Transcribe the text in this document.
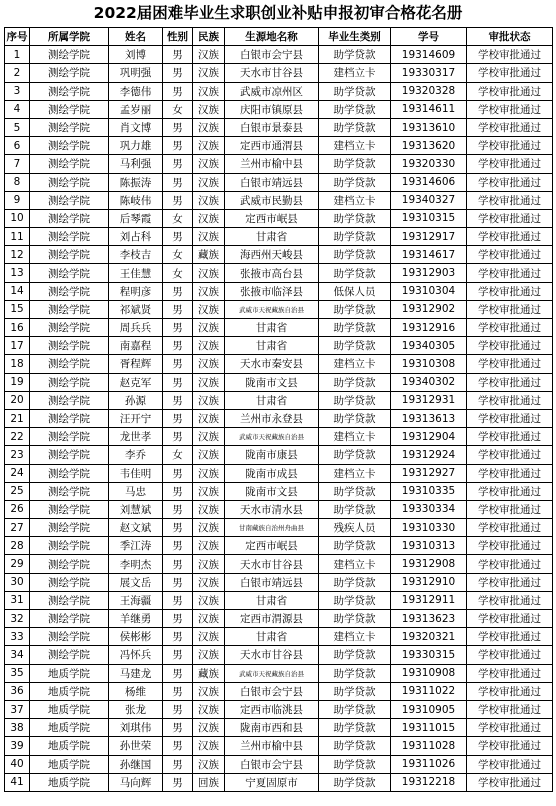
2022届困难毕业生求职创业补贴申报初审合格花名册
序号	所属学院	姓名	性别	民族	生源地名称	毕业生类别	学号	审批状态
1	测绘学院	刘博	男	汉族	白银市会宁县	助学贷款	19314609	学校审批通过
2	测绘学院	巩明强	男	汉族	天水市甘谷县	建档立卡	19330317	学校审批通过
3	测绘学院	李德伟	男	汉族	武威市凉州区	助学贷款	19320328	学校审批通过
4	测绘学院	孟岁丽	女	汉族	庆阳市镇原县	助学贷款	19314611	学校审批通过
5	测绘学院	肖文博	男	汉族	白银市景泰县	助学贷款	19313610	学校审批通过
6	测绘学院	巩力雄	男	汉族	定西市通渭县	建档立卡	19313620	学校审批通过
7	测绘学院	马利强	男	汉族	兰州市榆中县	助学贷款	19320330	学校审批通过
8	测绘学院	陈振涛	男	汉族	白银市靖远县	助学贷款	19314606	学校审批通过
9	测绘学院	陈岐伟	男	汉族	武威市民勤县	建档立卡	19340327	学校审批通过
10	测绘学院	后琴霞	女	汉族	定西市岷县	助学贷款	19310315	学校审批通过
11	测绘学院	刘占科	男	汉族	甘肃省	助学贷款	19312917	学校审批通过
12	测绘学院	李枝吉	女	藏族	海西州天峻县	助学贷款	19314617	学校审批通过
13	测绘学院	王佳慧	女	汉族	张掖市高台县	助学贷款	19312903	学校审批通过
14	测绘学院	程明彦	男	汉族	张掖市临泽县	低保人员	19310304	学校审批通过
15	测绘学院	祁斌贤	男	汉族	武威市天祝藏族自治县	助学贷款	19312902	学校审批通过
16	测绘学院	周兵兵	男	汉族	甘肃省	助学贷款	19312916	学校审批通过
17	测绘学院	南嘉程	男	汉族	甘肃省	助学贷款	19340305	学校审批通过
18	测绘学院	胥程辉	男	汉族	天水市秦安县	建档立卡	19310308	学校审批通过
19	测绘学院	赵克军	男	汉族	陇南市文县	助学贷款	19340302	学校审批通过
20	测绘学院	孙源	男	汉族	甘肃省	助学贷款	19312931	学校审批通过
21	测绘学院	汪开宁	男	汉族	兰州市永登县	助学贷款	19313613	学校审批通过
22	测绘学院	龙世孝	男	汉族	武威市天祝藏族自治县	建档立卡	19312904	学校审批通过
23	测绘学院	李乔	女	汉族	陇南市康县	助学贷款	19312924	学校审批通过
24	测绘学院	韦佳明	男	汉族	陇南市成县	建档立卡	19312927	学校审批通过
25	测绘学院	马忠	男	汉族	陇南市文县	助学贷款	19310335	学校审批通过
26	测绘学院	刘慧斌	男	汉族	天水市清水县	助学贷款	19330334	学校审批通过
27	测绘学院	赵文斌	男	汉族	甘南藏族自治州舟曲县	残疾人员	19310330	学校审批通过
28	测绘学院	季江涛	男	汉族	定西市岷县	助学贷款	19310313	学校审批通过
29	测绘学院	李明杰	男	汉族	天水市甘谷县	建档立卡	19312908	学校审批通过
30	测绘学院	展文岳	男	汉族	白银市靖远县	助学贷款	19312910	学校审批通过
31	测绘学院	王海疆	男	汉族	甘肃省	助学贷款	19312911	学校审批通过
32	测绘学院	羊继勇	男	汉族	定西市渭源县	助学贷款	19313623	学校审批通过
33	测绘学院	侯彬彬	男	汉族	甘肃省	建档立卡	19320321	学校审批通过
34	测绘学院	冯怀兵	男	汉族	天水市甘谷县	助学贷款	19330315	学校审批通过
35	地质学院	马建龙	男	藏族	武威市天祝藏族自治县	助学贷款	19310908	学校审批通过
36	地质学院	杨维	男	汉族	白银市会宁县	助学贷款	19311022	学校审批通过
37	地质学院	张龙	男	汉族	定西市临洮县	助学贷款	19310905	学校审批通过
38	地质学院	刘琪伟	男	汉族	陇南市西和县	助学贷款	19311015	学校审批通过
39	地质学院	孙世荣	男	汉族	兰州市榆中县	助学贷款	19311028	学校审批通过
40	地质学院	孙继国	男	汉族	白银市会宁县	助学贷款	19311026	学校审批通过
41	地质学院	马向辉	男	回族	宁夏固原市	助学贷款	19312218	学校审批通过
